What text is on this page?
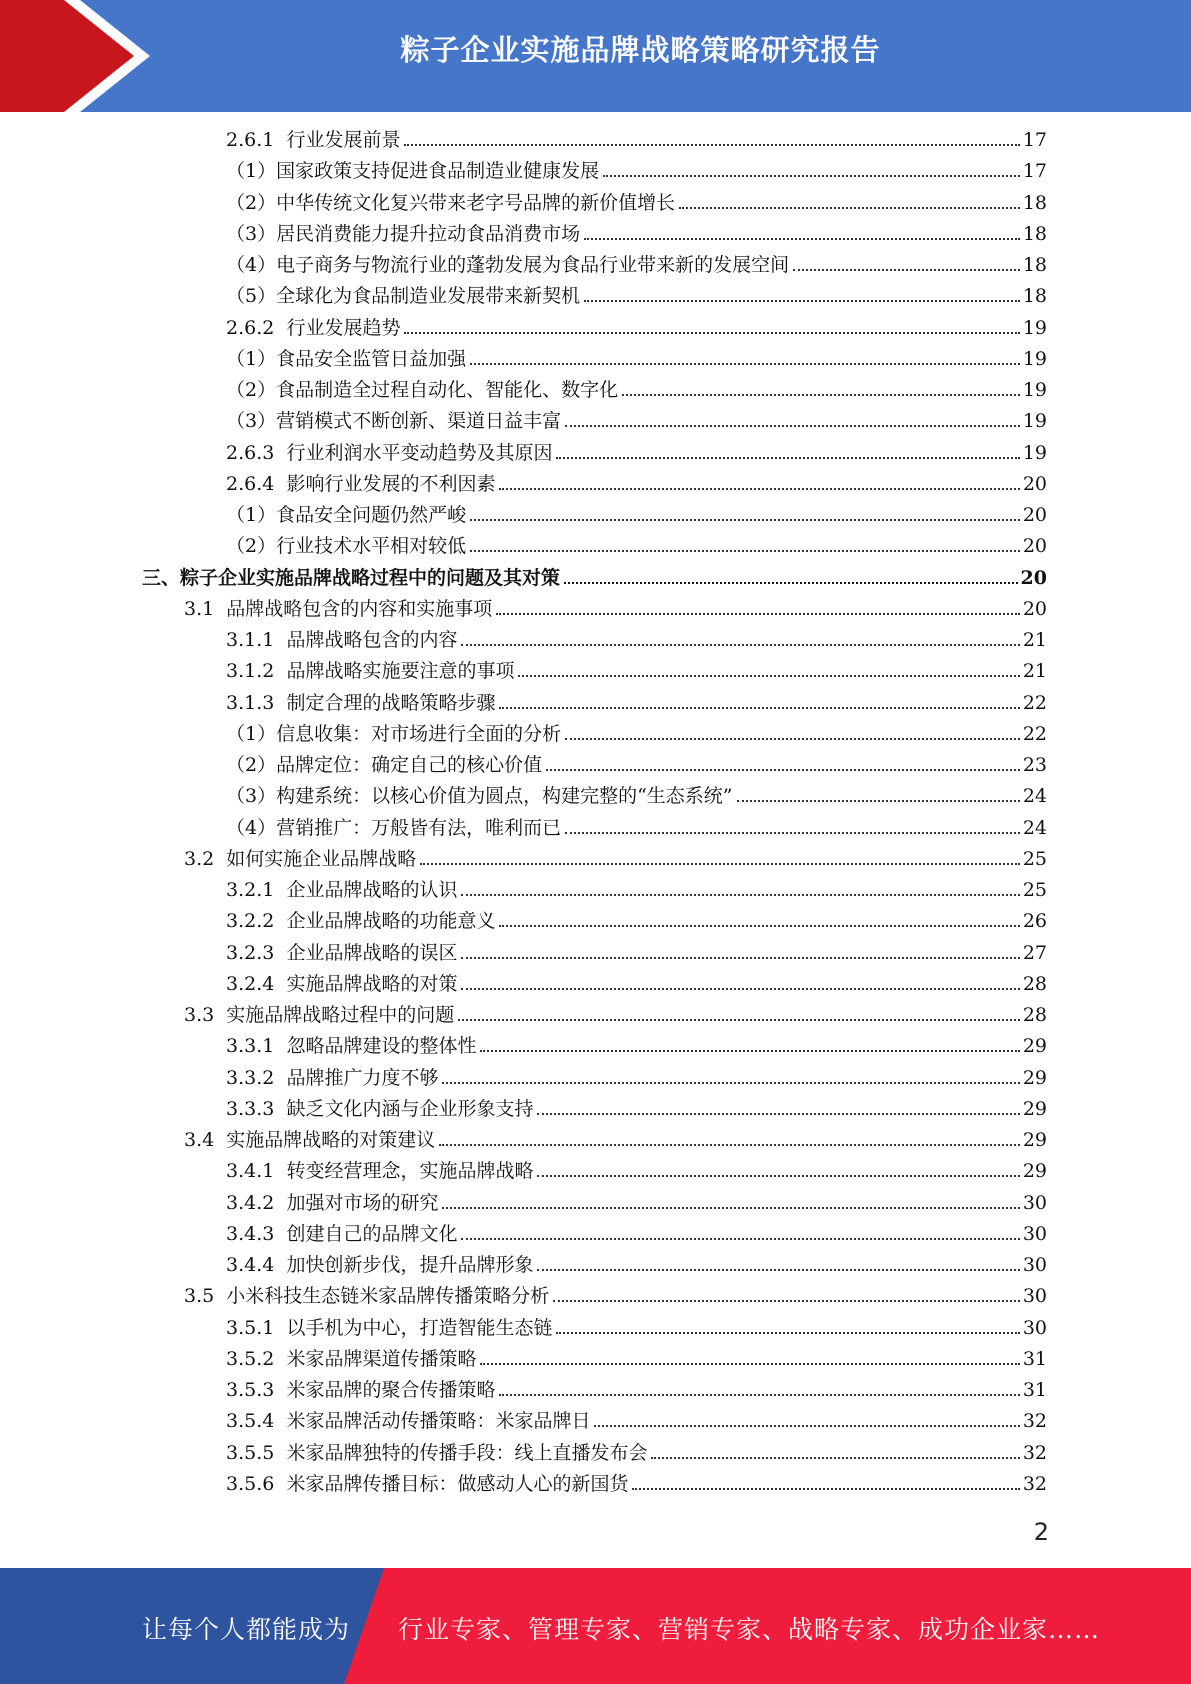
粽子企业实施品牌战略策略研究报告
2.6.1 行业发展前景	17
（1） 国家政策支持促进食品制造业健康发展	17
（2） 中华传统文化复兴带来老字号品牌的新价值增长	18
（3） 居民消费能力提升拉动食品消费市场	18
（4） 电子商务与物流行业的蓬勃发展为食品行业带来新的发展空间	18
（5） 全球化为食品制造业发展带来新契机	18
2.6.2 行业发展趋势	19
（1） 食品安全监管日益加强	19
（2） 食品制造全过程自动化、智能化、数字化	19
（3） 营销模式不断创新、渠道日益丰富	19
2.6.3 行业利润水平变动趋势及其原因	19
2.6.4 影响行业发展的不利因素	20
（1） 食品安全问题仍然严峻	20
（2） 行业技术水平相对较低	20
三、粽子企业实施品牌战略过程中的问题及其对策	20
3.1 品牌战略包含的内容和实施事项	20
3.1.1 品牌战略包含的内容	21
3.1.2 品牌战略实施要注意的事项	21
3.1.3 制定合理的战略策略步骤	22
（1） 信息收集：对市场进行全面的分析	22
（2） 品牌定位：确定自己的核心价值	23
（3） 构建系统：以核心价值为圆点，构建完整的“生态系统”	24
（4） 营销推广：万般皆有法，唯利而已	24
3.2 如何实施企业品牌战略	25
3.2.1 企业品牌战略的认识	25
3.2.2 企业品牌战略的功能意义	26
3.2.3 企业品牌战略的误区	27
3.2.4 实施品牌战略的对策	28
3.3 实施品牌战略过程中的问题	28
3.3.1 忽略品牌建设的整体性	29
3.3.2 品牌推广力度不够	29
3.3.3 缺乏文化内涵与企业形象支持	29
3.4 实施品牌战略的对策建议	29
3.4.1 转变经营理念，实施品牌战略	29
3.4.2 加强对市场的研究	30
3.4.3 创建自己的品牌文化	30
3.4.4 加快创新步伐，提升品牌形象	30
3.5 小米科技生态链米家品牌传播策略分析	30
3.5.1 以手机为中心，打造智能生态链	30
3.5.2 米家品牌渠道传播策略	31
3.5.3 米家品牌的聚合传播策略	31
3.5.4 米家品牌活动传播策略：米家品牌日	32
3.5.5 米家品牌独特的传播手段：线上直播发布会	32
3.5.6 米家品牌传播目标：做感动人心的新国货	32
2
让每个人都能成为 行业专家、管理专家、营销专家、战略专家、成功企业家……
